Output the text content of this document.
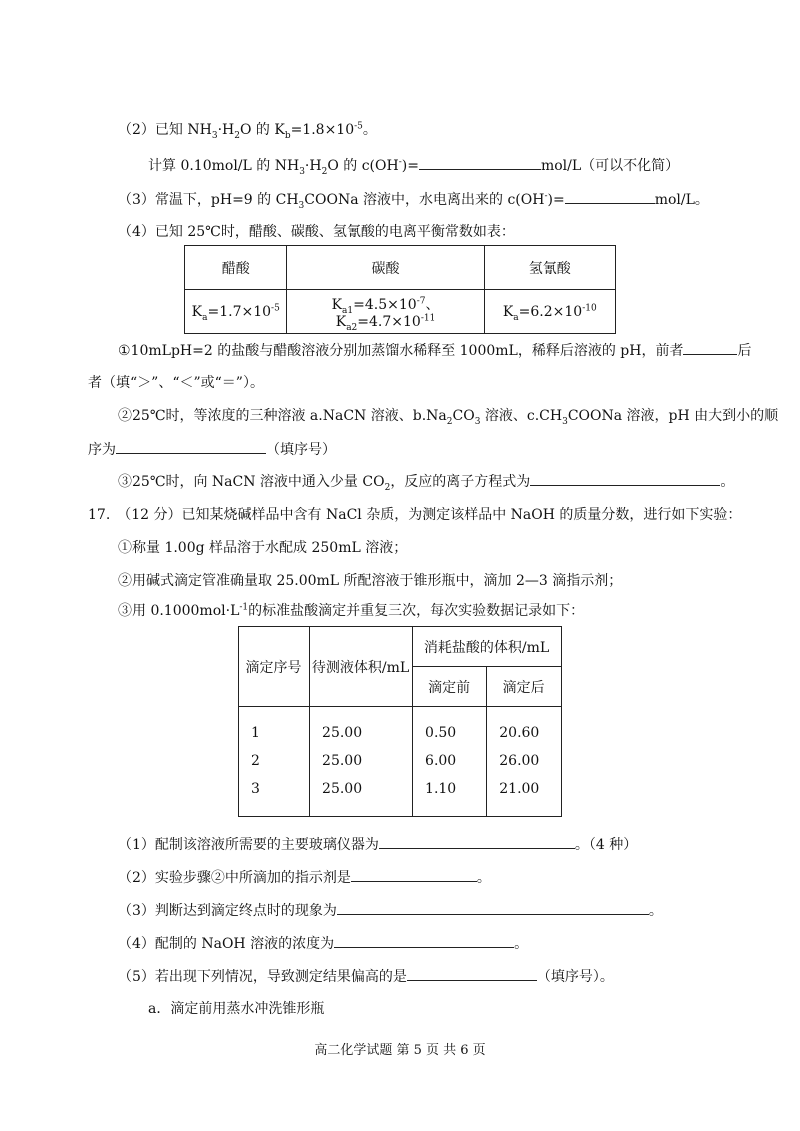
（2）已知 $NH_3\cdot H_2O$ 的 $K_b=1.8\times 10^{-5}$。
计算 0.10mol/L 的 $NH_3\cdot H_2O$ 的 c(OH-)=	mol/L（可以不化简）
（3）常温下，pH=9 的 $CH_3COONa$ 溶液中，水电离出来的 c(OH-)=	mol/L。
（4）已知 25℃时，醋酸、碳酸、氢氰酸的电离平衡常数如表：
醋酸	碳酸	氢氰酸
$K_a=1.7\times 10^{-5}$	$K_{a1}=4.5\times 10^{-7}$、$K_{a2}=4.7\times 10^{-11}$	$K_a=6.2\times 10^{-10}$
①10mLpH=2 的盐酸与醋酸溶液分别加蒸馏水稀释至 1000mL，稀释后溶液的 pH，前者	后
者（填“＞”、“＜”或“＝”）。
②25℃时，等浓度的三种溶液 a.NaCN 溶液、$b.Na_2CO_3$ 溶液、$c.CH_3COONa$ 溶液，pH 由大到小的顺
序为	（填序号）
③25℃时，向 NaCN 溶液中通入少量 $CO_2$，反应的离子方程式为	。
17.　（12 分）已知某烧碱样品中含有 NaCl 杂质，为测定该样品中 NaOH 的质量分数，进行如下实验：
①称量 1.00g 样品溶于水配成 250mL 溶液；
②用碱式滴定管准确量取 25.00mL 所配溶液于锥形瓶中，滴加 2—3 滴指示剂；
③用 $0.1000mol\cdot L^{-1}$的标准盐酸滴定并重复三次，每次实验数据记录如下：
滴定序号	待测液体积/mL	消耗盐酸的体积/mL	
		滴定前	滴定后
1	25.00	0.50	20.60
2	25.00	6.00	26.00
3	25.00	1.10	21.00
（1）配制该溶液所需要的主要玻璃仪器为	。（4 种）
（2）实验步骤②中所滴加的指示剂是	。
（3）判断达到滴定终点时的现象为	。
（4）配制的 NaOH 溶液的浓度为	。
（5）若出现下列情况，导致测定结果偏高的是	（填序号）。
a．滴定前用蒸水冲洗锥形瓶
高二化学试题 第 5 页 共 6 页
